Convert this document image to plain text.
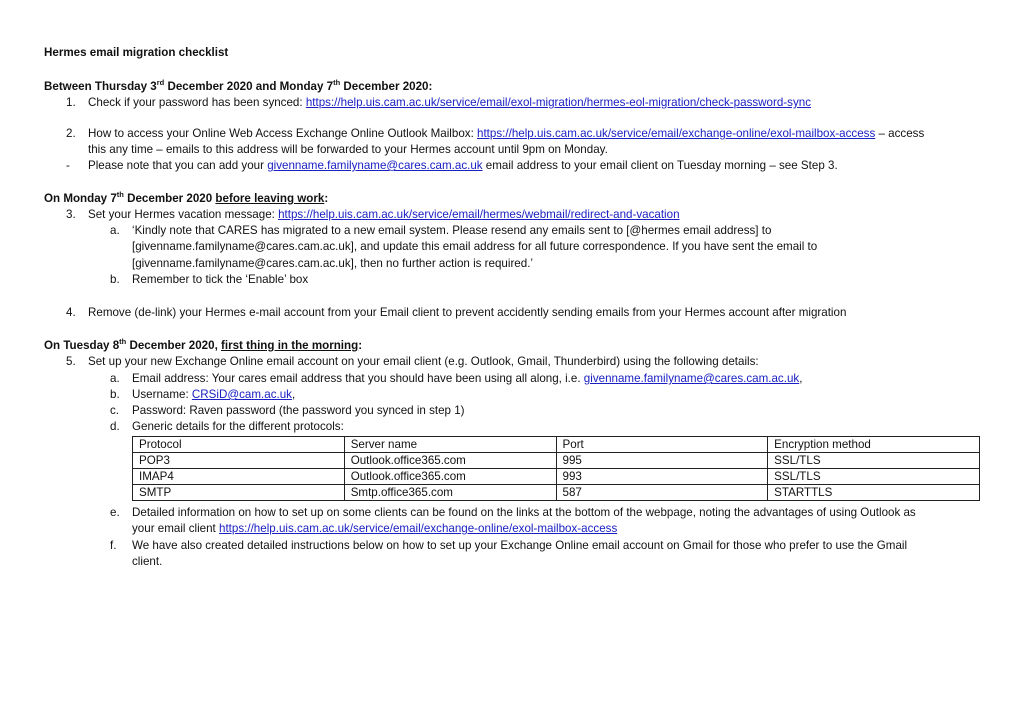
Hermes email migration checklist
Between Thursday 3rd December 2020 and Monday 7th December 2020:
1. Check if your password has been synced: https://help.uis.cam.ac.uk/service/email/exol-migration/hermes-eol-migration/check-password-sync
2. How to access your Online Web Access Exchange Online Outlook Mailbox: https://help.uis.cam.ac.uk/service/email/exchange-online/exol-mailbox-access – access
this any time – emails to this address will be forwarded to your Hermes account until 9pm on Monday.
- Please note that you can add your givenname.familyname@cares.cam.ac.uk email address to your email client on Tuesday morning – see Step 3.
On Monday 7th December 2020 before leaving work:
3. Set your Hermes vacation message: https://help.uis.cam.ac.uk/service/email/hermes/webmail/redirect-and-vacation
a. ‘Kindly note that CARES has migrated to a new email system. Please resend any emails sent to [@hermes email address] to
[givenname.familyname@cares.cam.ac.uk], and update this email address for all future correspondence. If you have sent the email to
[givenname.familyname@cares.cam.ac.uk], then no further action is required.’
b. Remember to tick the ‘Enable’ box
4. Remove (de-link) your Hermes e-mail account from your Email client to prevent accidently sending emails from your Hermes account after migration
On Tuesday 8th December 2020, first thing in the morning:
5. Set up your new Exchange Online email account on your email client (e.g. Outlook, Gmail, Thunderbird) using the following details:
a. Email address: Your cares email address that you should have been using all along, i.e. givenname.familyname@cares.cam.ac.uk,
b. Username: CRSiD@cam.ac.uk,
c. Password: Raven password (the password you synced in step 1)
d. Generic details for the different protocols:
Protocol	Server name	Port	Encryption method
POP3	Outlook.office365.com	995	SSL/TLS
IMAP4	Outlook.office365.com	993	SSL/TLS
SMTP	Smtp.office365.com	587	STARTTLS
e. Detailed information on how to set up on some clients can be found on the links at the bottom of the webpage, noting the advantages of using Outlook as
your email client https://help.uis.cam.ac.uk/service/email/exchange-online/exol-mailbox-access
f. We have also created detailed instructions below on how to set up your Exchange Online email account on Gmail for those who prefer to use the Gmail
client.
